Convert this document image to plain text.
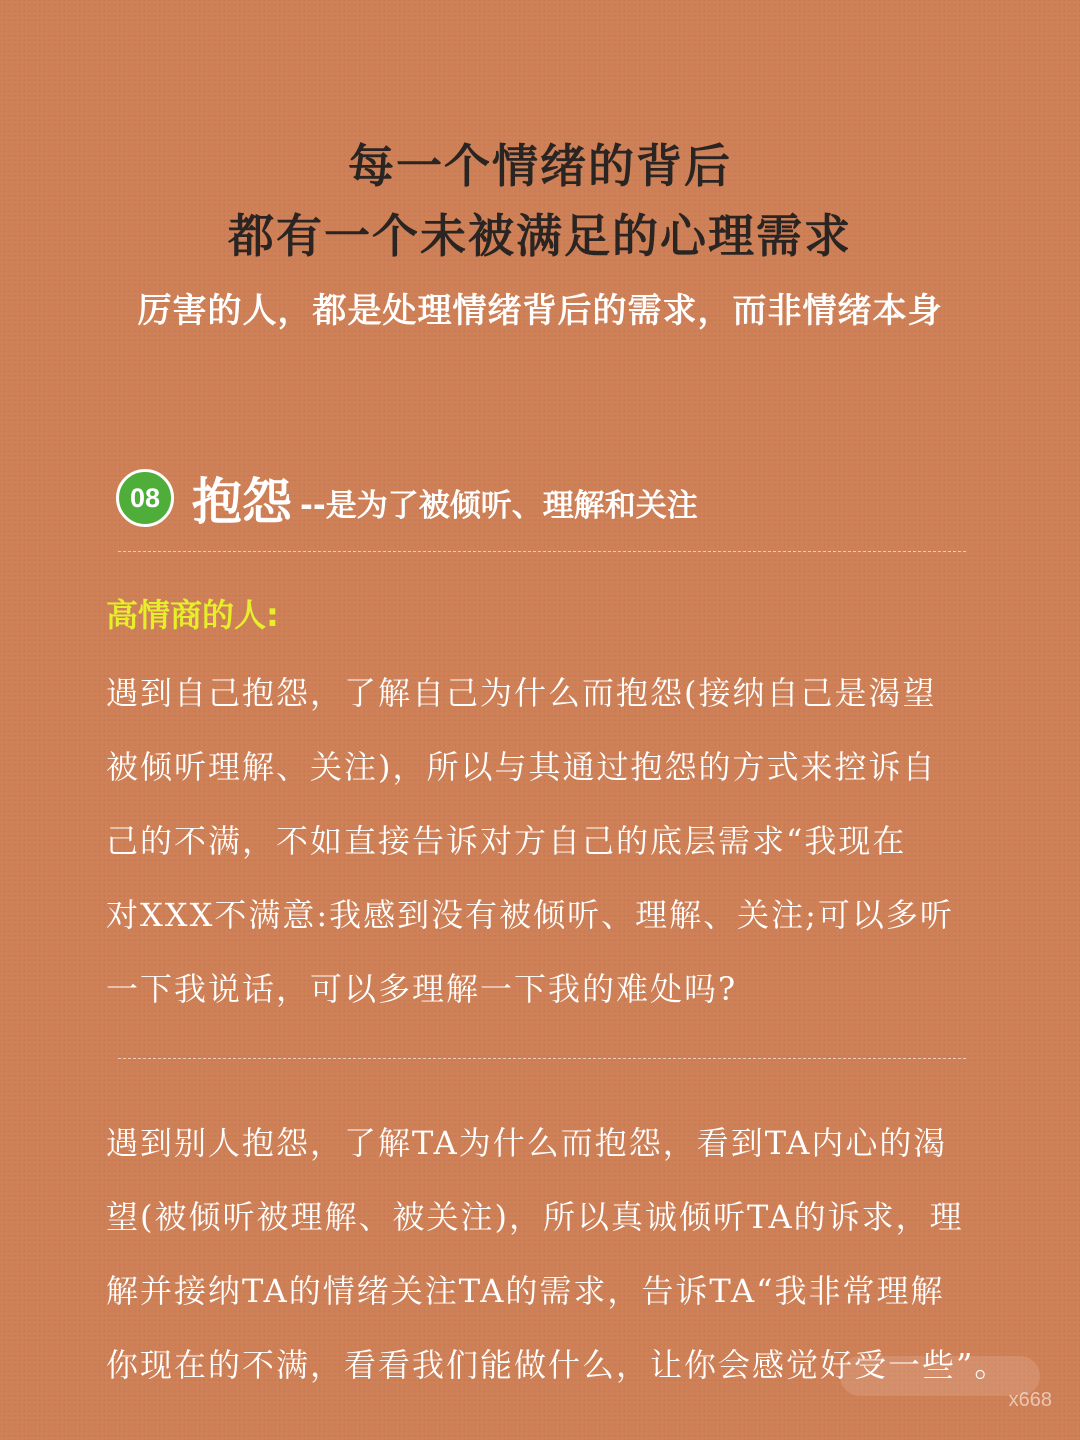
每一个情绪的背后
都有一个未被满足的心理需求
厉害的人，都是处理情绪背后的需求，而非情绪本身
08 抱怨 --是为了被倾听、理解和关注
高情商的人:
遇到自己抱怨，了解自己为什么而抱怨(接纳自己是渴望
被倾听理解、关注)，所以与其通过抱怨的方式来控诉自
己的不满，不如直接告诉对方自己的底层需求“我现在
对XXX不满意:我感到没有被倾听、理解、关注;可以多听
一下我说话，可以多理解一下我的难处吗?
遇到别人抱怨，了解TA为什么而抱怨，看到TA内心的渴
望(被倾听被理解、被关注)，所以真诚倾听TA的诉求，理
解并接纳TA的情绪关注TA的需求，告诉TA“我非常理解
你现在的不满，看看我们能做什么，让你会感觉好受一些”。
x668
